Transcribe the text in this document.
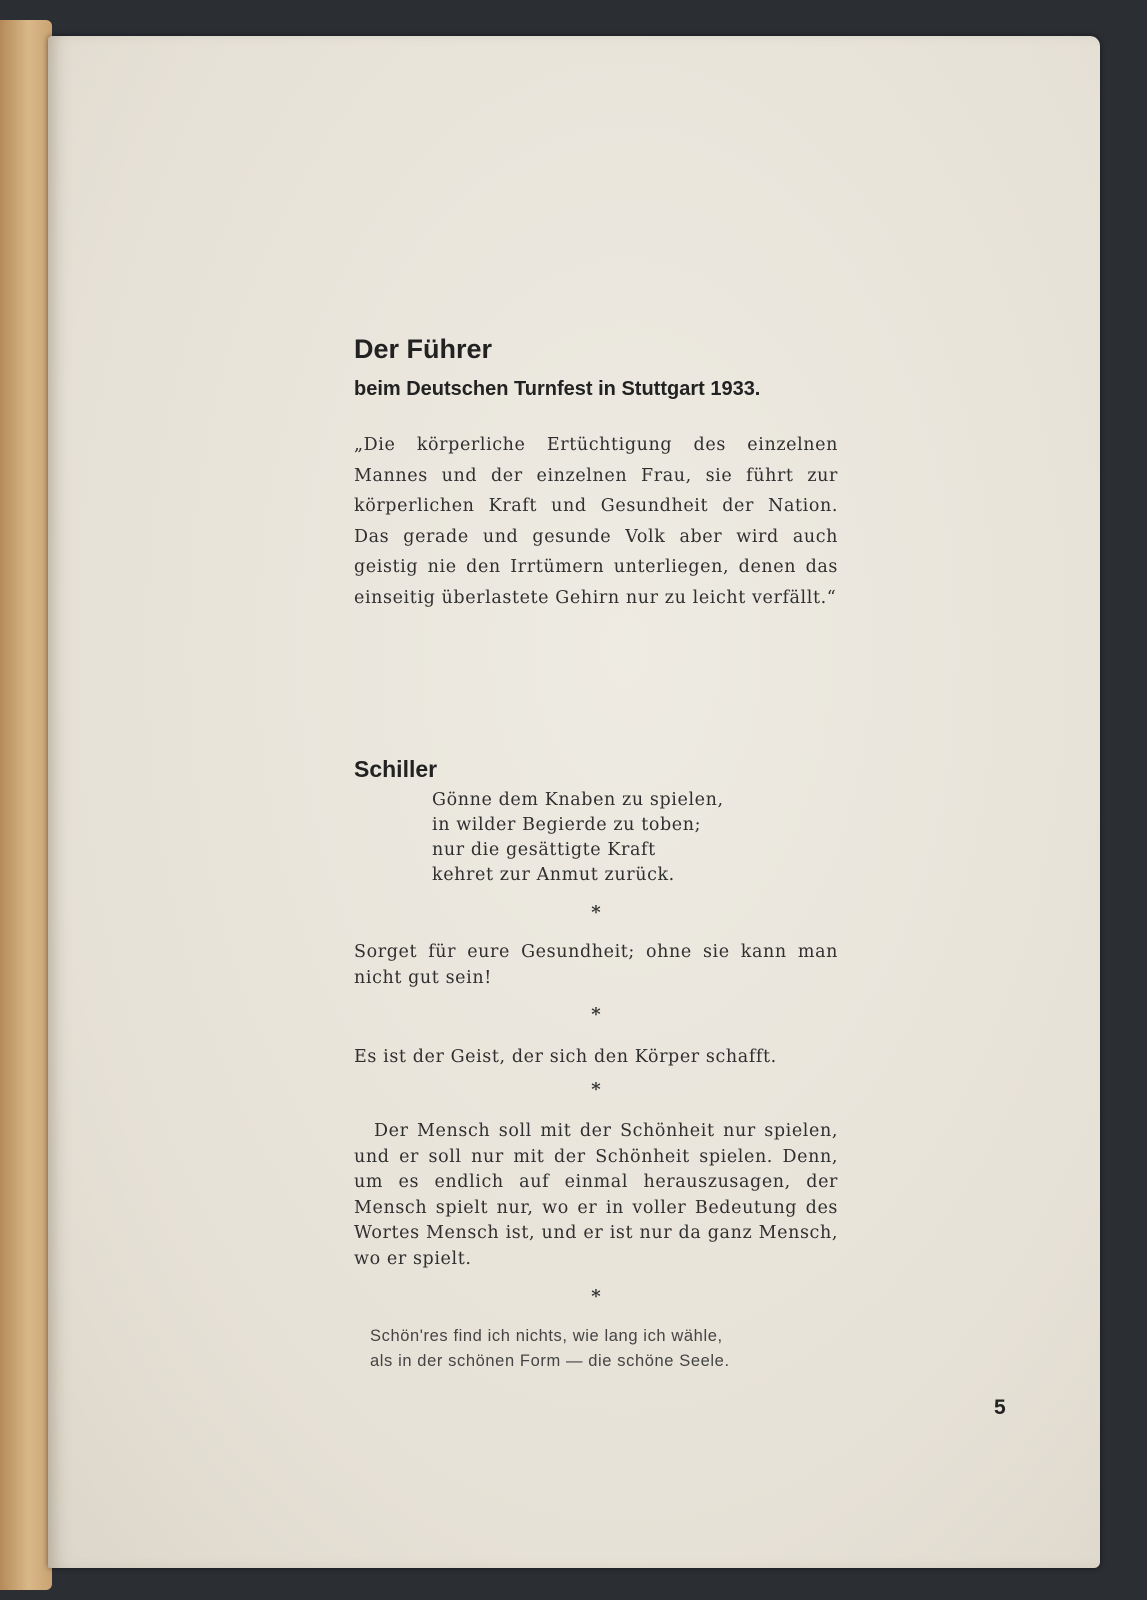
Der Führer
beim Deutschen Turnfest in Stuttgart 1933.

„Die körperliche Ertüchtigung des einzelnen Mannes und der einzelnen Frau, sie führt zur körperlichen Kraft und Gesundheit der Nation. Das gerade und gesunde Volk aber wird auch geistig nie den Irrtümern unterliegen, denen das einseitig überlastete Gehirn nur zu leicht verfällt.“

Schiller
Gönne dem Knaben zu spielen,
in wilder Begierde zu toben;
nur die gesättigte Kraft
kehret zur Anmut zurück.
*

Sorget für eure Gesundheit; ohne sie kann man nicht gut sein!

*

Es ist der Geist, der sich den Körper schafft.

*

Der Mensch soll mit der Schönheit nur spielen, und er soll nur mit der Schönheit spielen. Denn, um es endlich auf einmal herauszusagen, der Mensch spielt nur, wo er in voller Bedeutung des Wortes Mensch ist, und er ist nur da ganz Mensch, wo er spielt.

*
Schön'res find ich nichts, wie lang ich wähle,
als in der schönen Form — die schöne Seele.
5
